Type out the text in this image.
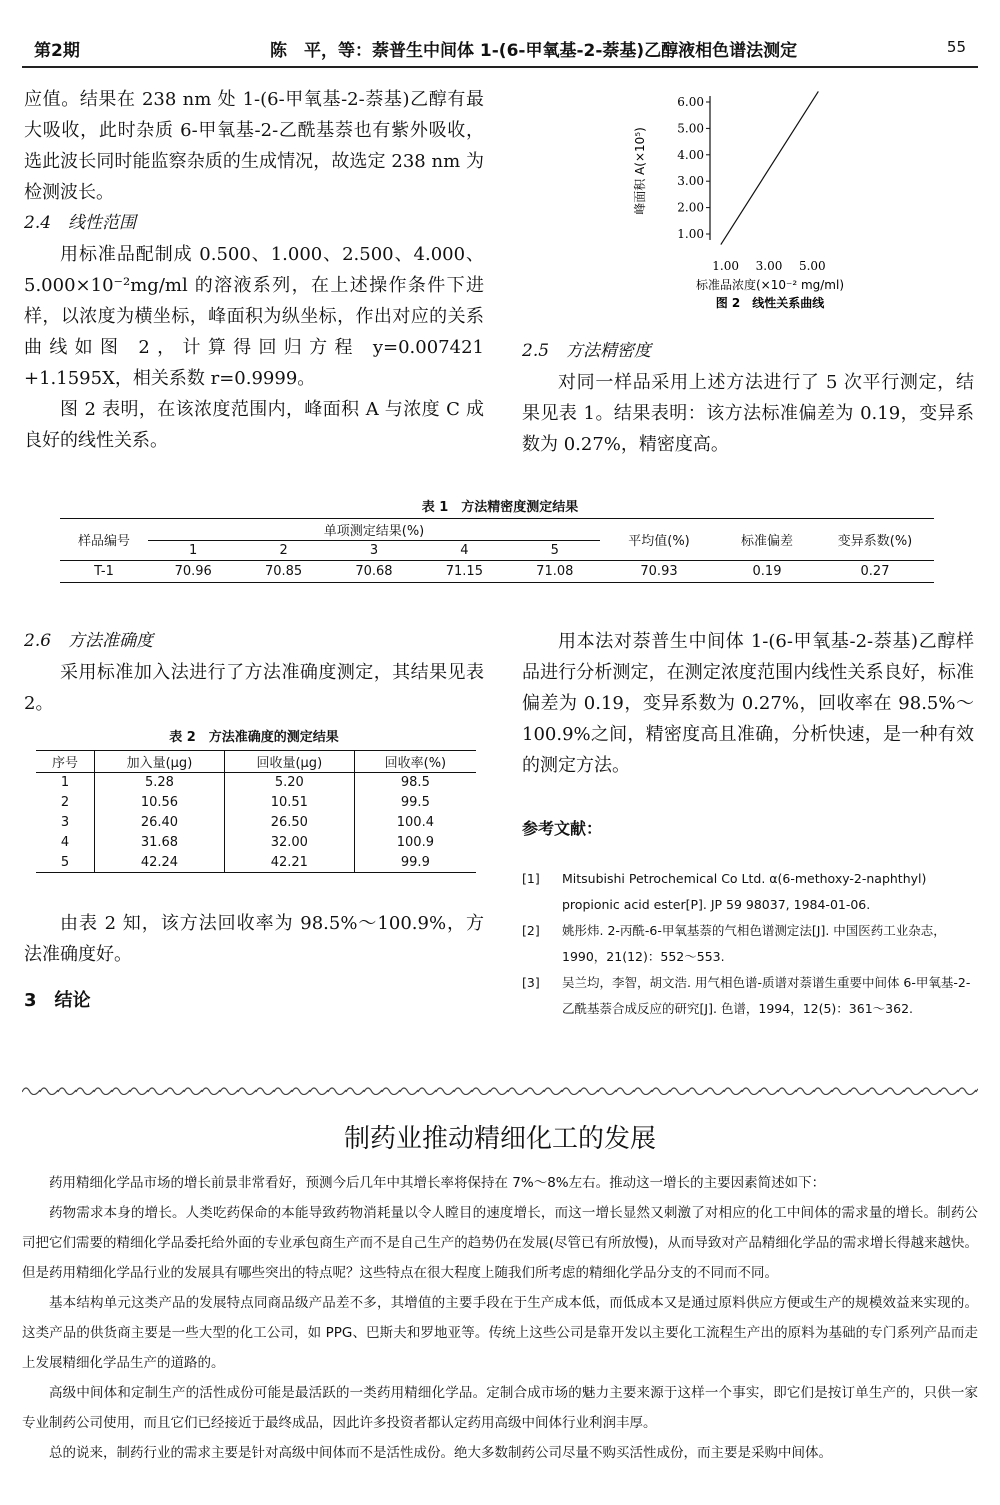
第2期	陈　平，等：萘普生中间体 1-(6-甲氧基-2-萘基)乙醇液相色谱法测定	55

应值。结果在 238 nm 处 1-(6-甲氧基-2-萘基)乙醇有最大吸收，此时杂质 6-甲氧基-2-乙酰基萘也有紫外吸收，选此波长同时能监察杂质的生成情况，故选定 238 nm 为检测波长。

2.4　线性范围

用标准品配制成 0.500、1.000、2.500、4.000、5.000×10⁻²mg/ml 的溶液系列，在上述操作条件下进样，以浓度为横坐标，峰面积为纵坐标，作出对应的关系曲线如图 2，计算得回归方程 y=0.007421 +1.1595X，相关系数 r=0.9999。

图 2 表明，在该浓度范围内，峰面积 A 与浓度 C 成良好的线性关系。

1.00
2.00
3.00
4.00
5.00
6.00
1.00 3.00 5.00
峰面积 A(×10⁵)
标准品浓度(×10⁻² mg/ml)
图 2　线性关系曲线

2.5　方法精密度

对同一样品采用上述方法进行了 5 次平行测定，结果见表 1。结果表明：该方法标准偏差为 0.19，变异系数为 0.27%，精密度高。

表 1　方法精密度测定结果
样品编号	单项测定结果(%)					平均值(%)	标准偏差	变异系数(%)
	1	2	3	4	5			
T-1	70.96	70.85	70.68	71.15	71.08	70.93	0.19	0.27

2.6　方法准确度

采用标准加入法进行了方法准确度测定，其结果见表 2。

表 2　方法准确度的测定结果
序号	加入量(μg)	回收量(μg)	回收率(%)
1	5.28	5.20	98.5
2	10.56	10.51	99.5
3	26.40	26.50	100.4
4	31.68	32.00	100.9
5	42.24	42.21	99.9

由表 2 知，该方法回收率为 98.5%～100.9%，方法准确度好。

3　结论

用本法对萘普生中间体 1-(6-甲氧基-2-萘基)乙醇样品进行分析测定，在测定浓度范围内线性关系良好，标准偏差为 0.19，变异系数为 0.27%，回收率在 98.5%～100.9%之间，精密度高且准确，分析快速，是一种有效的测定方法。

参考文献：
[1]	Mitsubishi Petrochemical Co Ltd. α(6-methoxy-2-naphthyl) propionic acid ester[P]. JP 59 98037, 1984-01-06.
[2]	姚彤炜. 2-丙酰-6-甲氧基萘的气相色谱测定法[J]. 中国医药工业杂志，1990，21(12)：552～553.
[3]	吴兰均，李智，胡文浩. 用气相色谱-质谱对萘谱生重要中间体 6-甲氧基-2-乙酰基萘合成反应的研究[J]. 色谱，1994，12(5)：361～362.
制药业推动精细化工的发展

药用精细化学品市场的增长前景非常看好，预测今后几年中其增长率将保持在 7%～8%左右。推动这一增长的主要因素简述如下：

药物需求本身的增长。人类吃药保命的本能导致药物消耗量以令人瞠目的速度增长，而这一增长显然又刺激了对相应的化工中间体的需求量的增长。制药公司把它们需要的精细化学品委托给外面的专业承包商生产而不是自己生产的趋势仍在发展(尽管已有所放慢)，从而导致对产品精细化学品的需求增长得越来越快。但是药用精细化学品行业的发展具有哪些突出的特点呢？这些特点在很大程度上随我们所考虑的精细化学品分支的不同而不同。

基本结构单元这类产品的发展特点同商品级产品差不多，其增值的主要手段在于生产成本低，而低成本又是通过原料供应方便或生产的规模效益来实现的。这类产品的供货商主要是一些大型的化工公司，如 PPG、巴斯夫和罗地亚等。传统上这些公司是靠开发以主要化工流程生产出的原料为基础的专门系列产品而走上发展精细化学品生产的道路的。

高级中间体和定制生产的活性成份可能是最活跃的一类药用精细化学品。定制合成市场的魅力主要来源于这样一个事实，即它们是按订单生产的，只供一家专业制药公司使用，而且它们已经接近于最终成品，因此许多投资者都认定药用高级中间体行业利润丰厚。

总的说来，制药行业的需求主要是针对高级中间体而不是活性成份。绝大多数制药公司尽量不购买活性成份，而主要是采购中间体。
